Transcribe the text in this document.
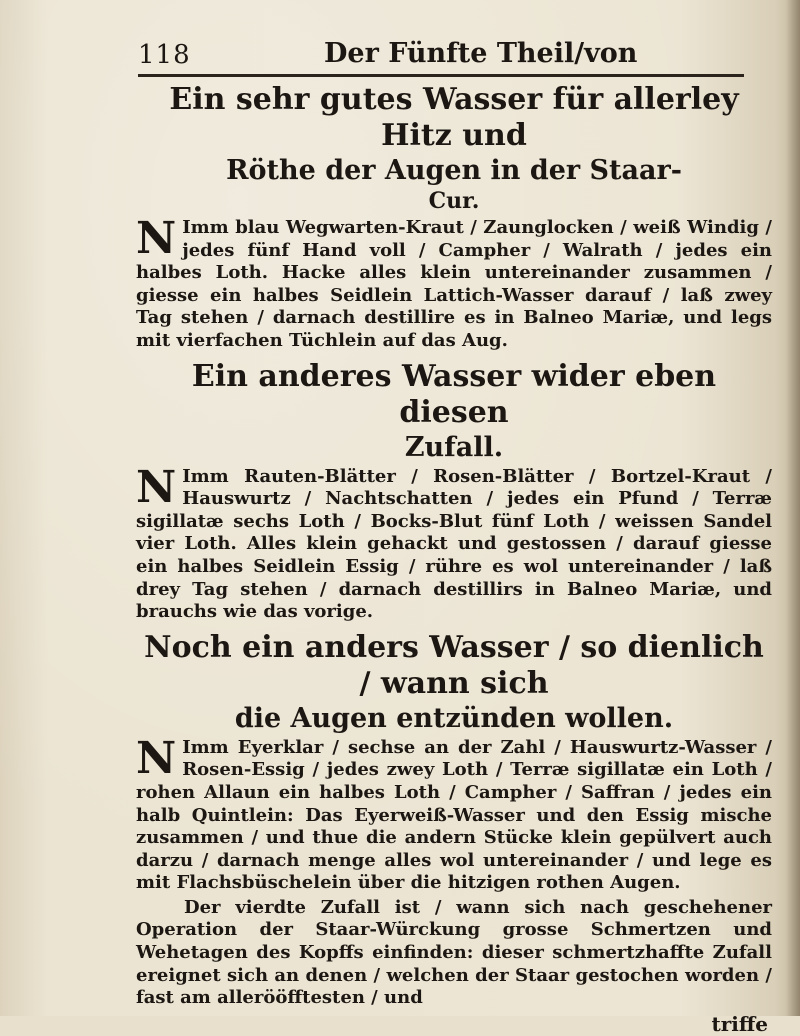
118	Der Fünfte Theil/von
Ein sehr gutes Wasser für allerley Hitz und
Röthe der Augen in der Staar-
Cur.

N Imm blau Wegwarten-Kraut / Zaunglocken / weiß Windig / jedes fünf Hand voll / Campher / Walrath / jedes ein halbes Loth. Hacke alles klein untereinander zusammen / giesse ein halbes Seidlein Lattich-Wasser darauf / laß zwey Tag stehen / darnach destillire es in Balneo Mariæ, und legs mit vierfachen Tüchlein auf das Aug.

Ein anderes Wasser wider eben diesen
Zufall.

N Imm Rauten-Blätter / Rosen-Blätter / Bortzel-Kraut / Hauswurtz / Nachtschatten / jedes ein Pfund / Terræ sigillatæ sechs Loth / Bocks-Blut fünf Loth / weissen Sandel vier Loth. Alles klein gehackt und gestossen / darauf giesse ein halbes Seidlein Essig / rühre es wol untereinander / laß drey Tag stehen / darnach destillirs in Balneo Mariæ, und brauchs wie das vorige.

Noch ein anders Wasser / so dienlich / wann sich
die Augen entzünden wollen.

N Imm Eyerklar / sechse an der Zahl / Hauswurtz-Wasser / Rosen-Essig / jedes zwey Loth / Terræ sigillatæ ein Loth / rohen Allaun ein halbes Loth / Campher / Saffran / jedes ein halb Quintlein: Das Eyerweiß-Wasser und den Essig mische zusammen / und thue die andern Stücke klein gepülvert auch darzu / darnach menge alles wol untereinander / und lege es mit Flachsbüschelein über die hitzigen rothen Augen.

Der vierdte Zufall ist / wann sich nach geschehener Operation der Staar-Würckung grosse Schmertzen und Wehetagen des Kopffs einfinden: dieser schmertzhaffte Zufall ereignet sich an denen / welchen der Staar gestochen worden / fast am allerööfftesten / und

triffe
